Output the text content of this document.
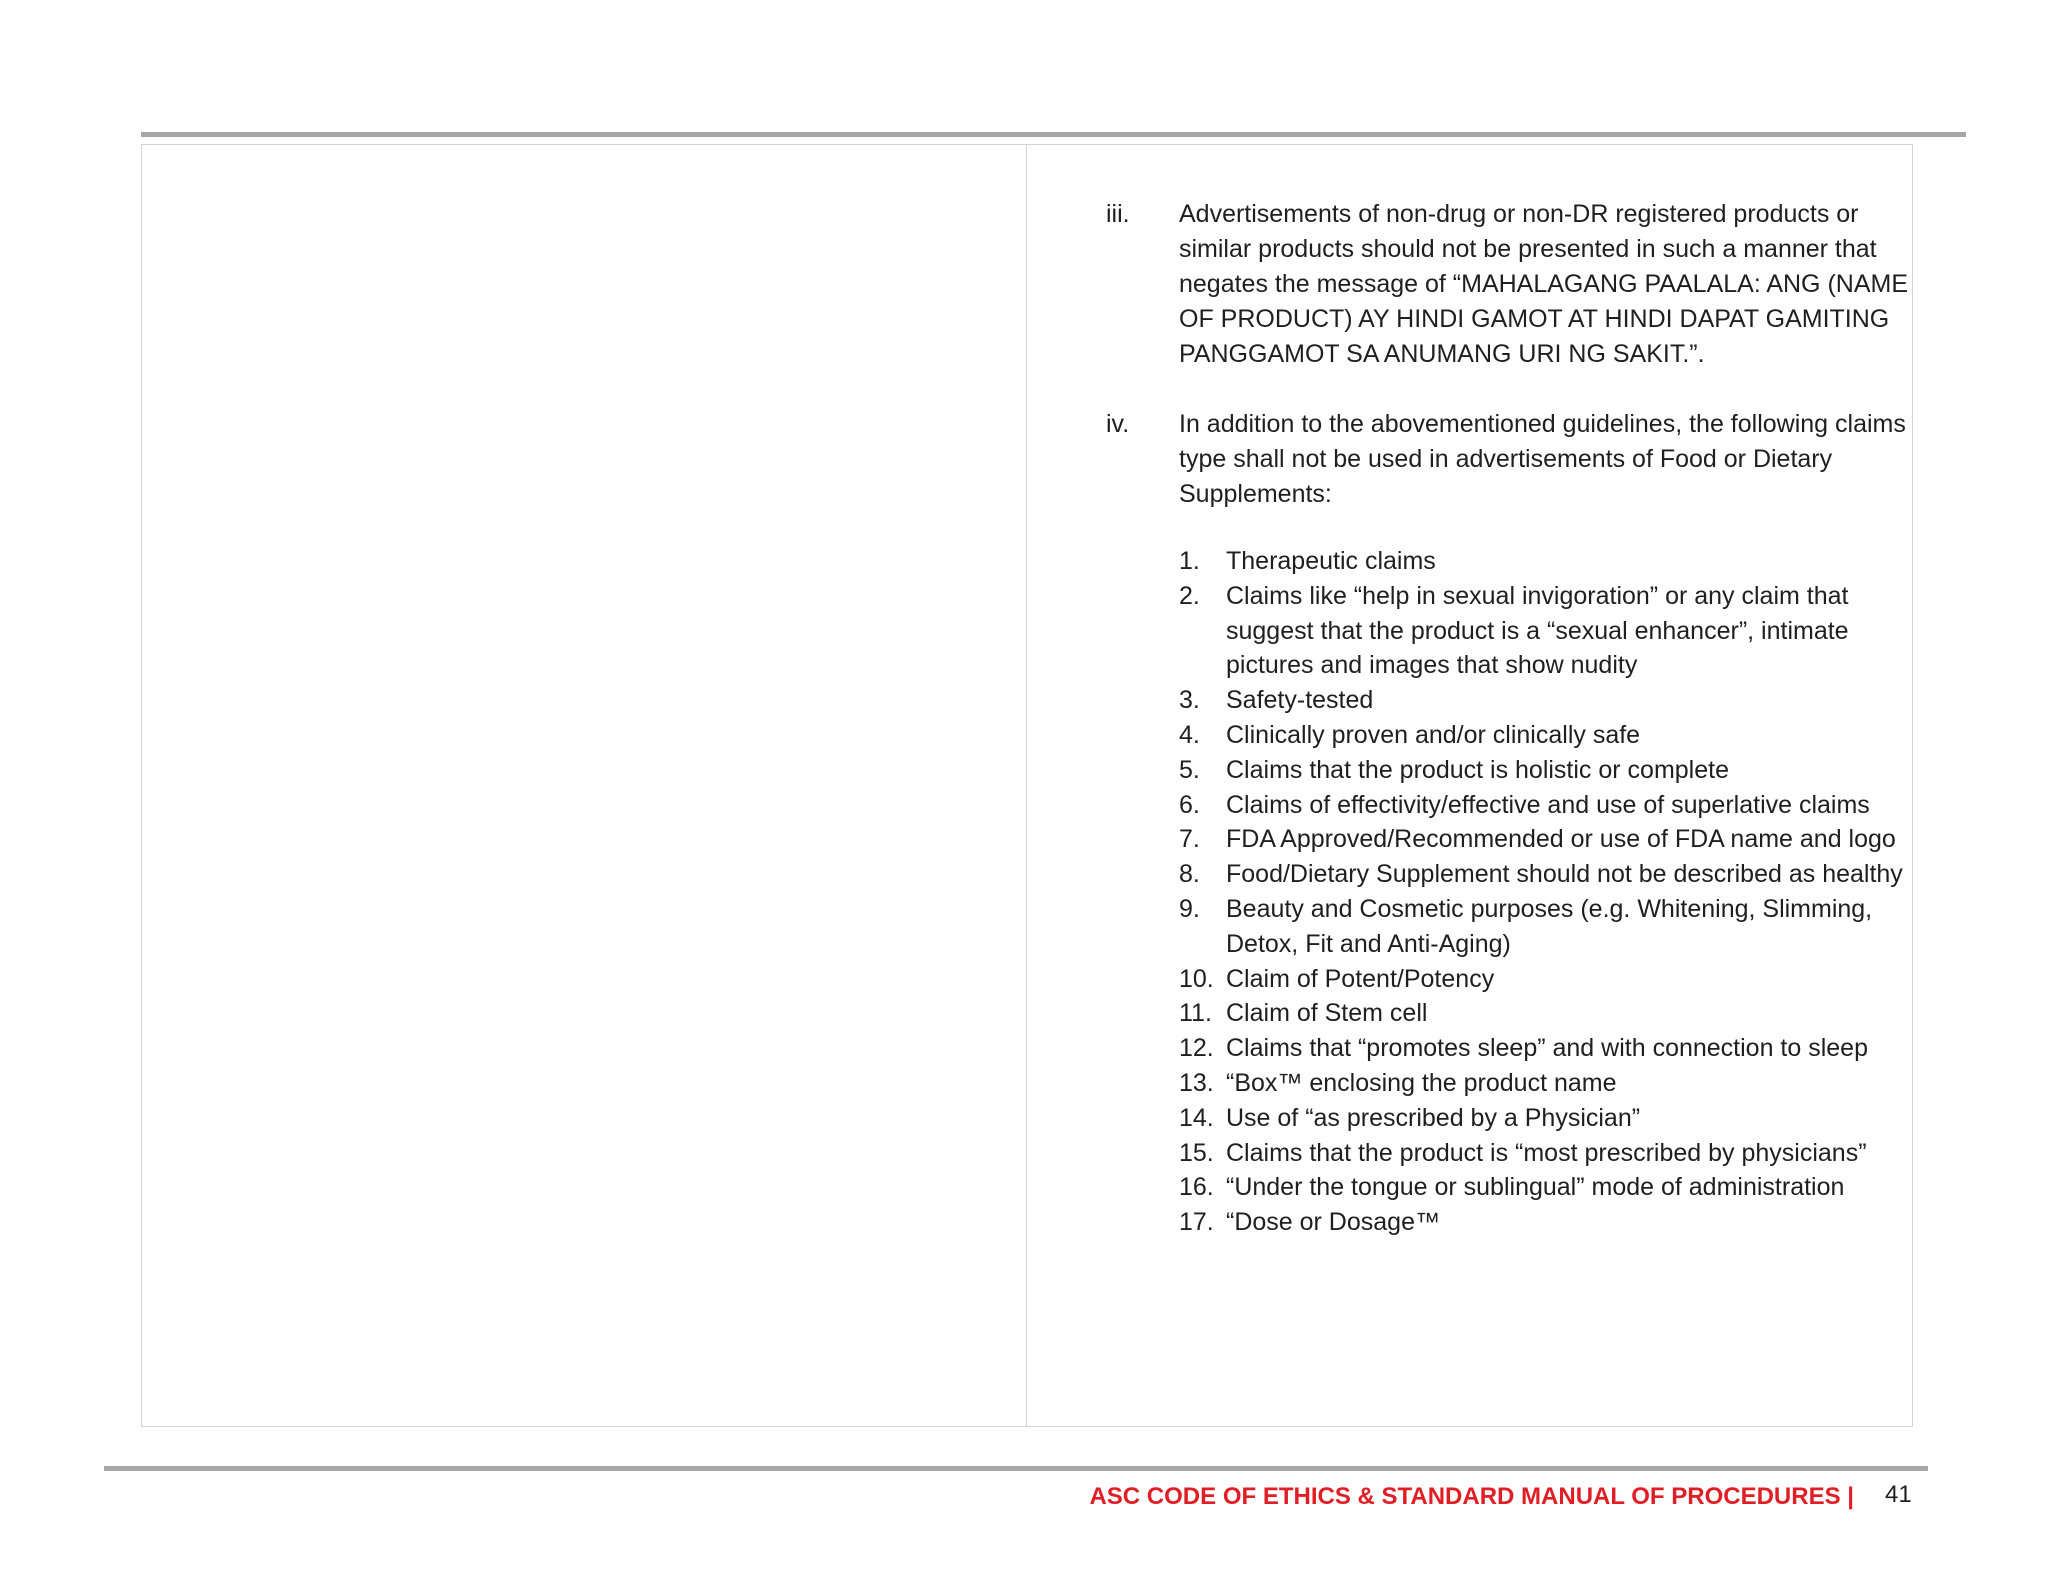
iii. Advertisements of non-drug or non-DR registered products or similar products should not be presented in such a manner that negates the message of “MAHALAGANG PAALALA: ANG (NAME OF PRODUCT) AY HINDI GAMOT AT HINDI DAPAT GAMITING PANGGAMOT SA ANUMANG URI NG SAKIT.”.

iv. In addition to the abovementioned guidelines, the following claims type shall not be used in advertisements of Food or Dietary Supplements:

1. Therapeutic claims
2. Claims like “help in sexual invigoration” or any claim that suggest that the product is a “sexual enhancer”, intimate pictures and images that show nudity
3. Safety-tested
4. Clinically proven and/or clinically safe
5. Claims that the product is holistic or complete
6. Claims of effectivity/effective and use of superlative claims
7. FDA Approved/Recommended or use of FDA name and logo
8. Food/Dietary Supplement should not be described as healthy
9. Beauty and Cosmetic purposes (e.g. Whitening, Slimming, Detox, Fit and Anti-Aging)
10. Claim of Potent/Potency
11. Claim of Stem cell
12. Claims that “promotes sleep” and with connection to sleep
13. “Box™ enclosing the product name
14. Use of “as prescribed by a Physician”
15. Claims that the product is “most prescribed by physicians”
16. “Under the tongue or sublingual” mode of administration
17. “Dose or Dosage™
ASC CODE OF ETHICS & STANDARD MANUAL OF PROCEDURES | 41
